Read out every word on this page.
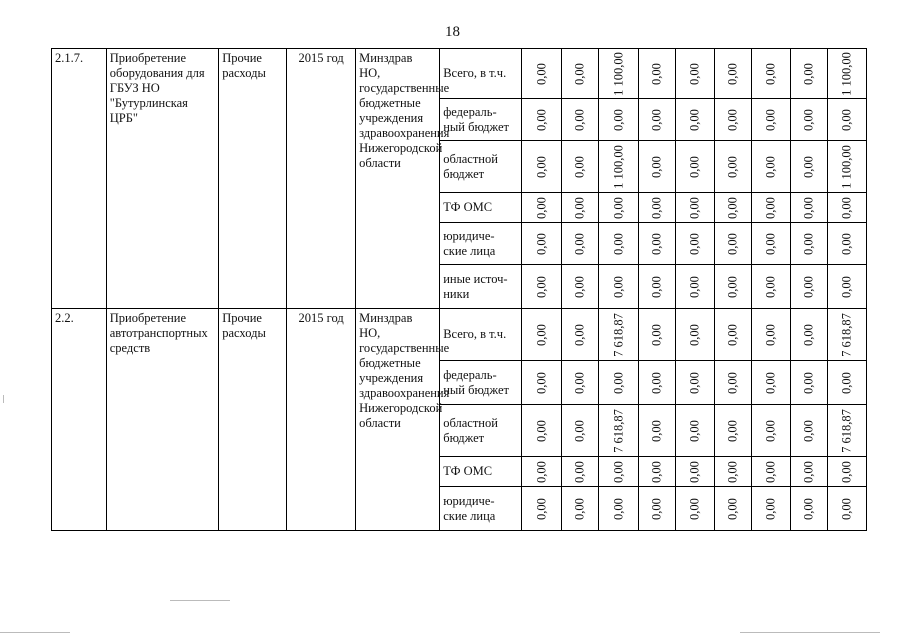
18
2.1.7.	Приобретение оборудования для ГБУЗ НО "Бутурлинская ЦРБ"	Прочие расходы	2015 год	Минздрав НО, государственные бюджетные учреждения здравоохранения Нижегородской области	Всего, в т.ч.	0,00	0,00	1 100,00	0,00	0,00	0,00	0,00	0,00	1 100,00

					федераль-ный бюджет	0,00	0,00	0,00	0,00	0,00	0,00	0,00	0,00	0,00

					областной бюджет	0,00	0,00	1 100,00	0,00	0,00	0,00	0,00	0,00	1 100,00

					ТФ ОМС	0,00	0,00	0,00	0,00	0,00	0,00	0,00	0,00	0,00

					юридиче-ские лица	0,00	0,00	0,00	0,00	0,00	0,00	0,00	0,00	0,00

					иные источ-ники	0,00	0,00	0,00	0,00	0,00	0,00	0,00	0,00	0,00

2.2.	Приобретение автотранспортных средств	Прочие расходы	2015 год	Минздрав НО, государственные бюджетные учреждения здравоохранения Нижегородской области	Всего, в т.ч.	0,00	0,00	7 618,87	0,00	0,00	0,00	0,00	0,00	7 618,87

					федераль-ный бюджет	0,00	0,00	0,00	0,00	0,00	0,00	0,00	0,00	0,00

					областной бюджет	0,00	0,00	7 618,87	0,00	0,00	0,00	0,00	0,00	7 618,87

					ТФ ОМС	0,00	0,00	0,00	0,00	0,00	0,00	0,00	0,00	0,00

					юридиче-ские лица	0,00	0,00	0,00	0,00	0,00	0,00	0,00	0,00	0,00
